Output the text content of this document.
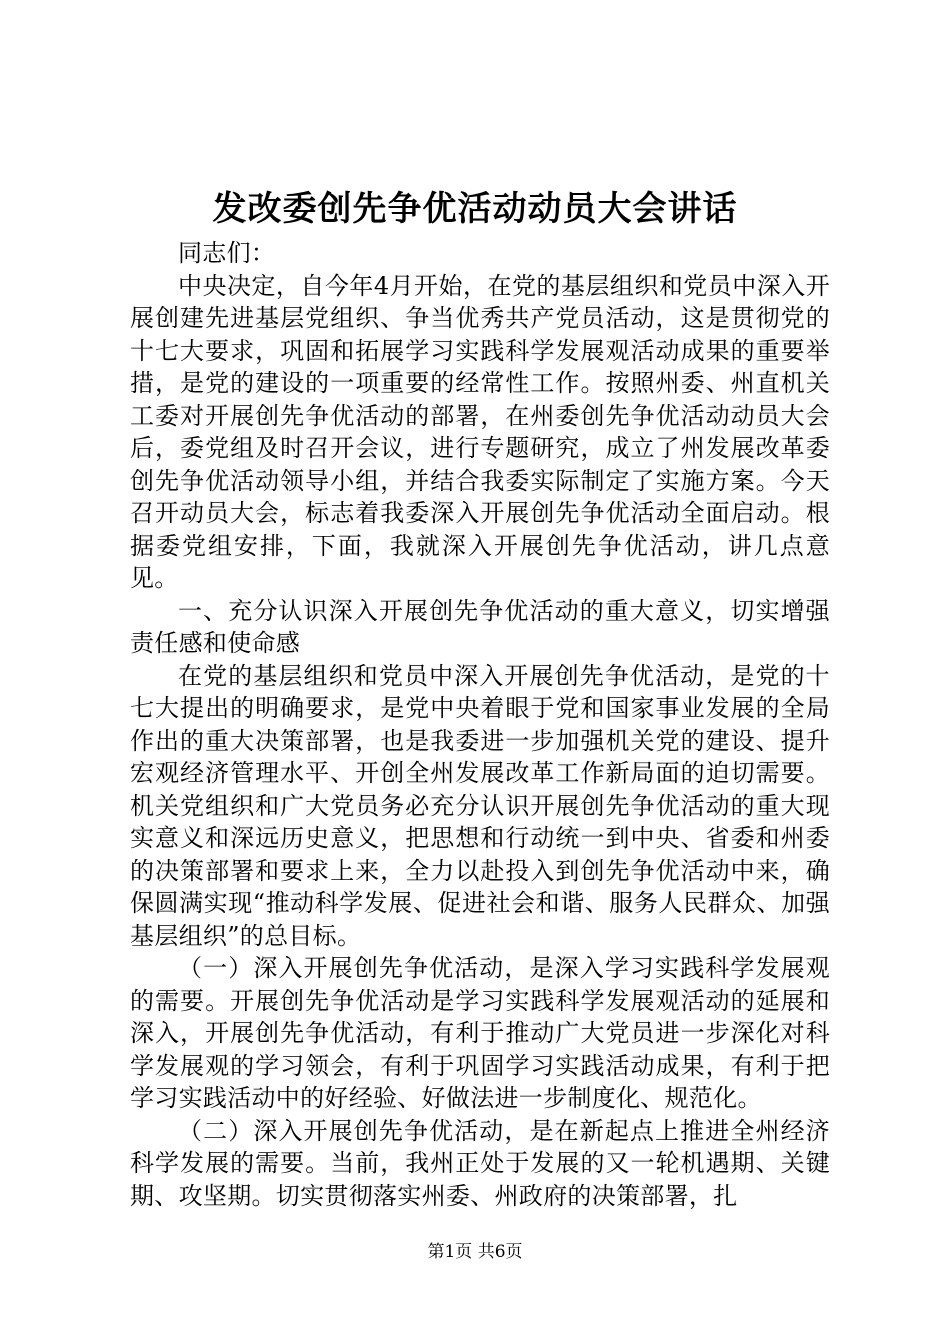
发改委创先争优活动动员大会讲话

同志们：

中央决定，自今年4月开始，在党的基层组织和党员中深入开展创建先进基层党组织、争当优秀共产党员活动，这是贯彻党的十七大要求，巩固和拓展学习实践科学发展观活动成果的重要举措，是党的建设的一项重要的经常性工作。按照州委、州直机关工委对开展创先争优活动的部署，在州委创先争优活动动员大会后，委党组及时召开会议，进行专题研究，成立了州发展改革委创先争优活动领导小组，并结合我委实际制定了实施方案。今天召开动员大会，标志着我委深入开展创先争优活动全面启动。根据委党组安排，下面，我就深入开展创先争优活动，讲几点意见。

一、充分认识深入开展创先争优活动的重大意义，切实增强责任感和使命感

在党的基层组织和党员中深入开展创先争优活动，是党的十七大提出的明确要求，是党中央着眼于党和国家事业发展的全局作出的重大决策部署，也是我委进一步加强机关党的建设、提升宏观经济管理水平、开创全州发展改革工作新局面的迫切需要。机关党组织和广大党员务必充分认识开展创先争优活动的重大现实意义和深远历史意义，把思想和行动统一到中央、省委和州委的决策部署和要求上来，全力以赴投入到创先争优活动中来，确保圆满实现“推动科学发展、促进社会和谐、服务人民群众、加强基层组织”的总目标。

（一）深入开展创先争优活动，是深入学习实践科学发展观的需要。开展创先争优活动是学习实践科学发展观活动的延展和深入，开展创先争优活动，有利于推动广大党员进一步深化对科学发展观的学习领会，有利于巩固学习实践活动成果，有利于把学习实践活动中的好经验、好做法进一步制度化、规范化。

（二）深入开展创先争优活动，是在新起点上推进全州经济科学发展的需要。当前，我州正处于发展的又一轮机遇期、关键期、攻坚期。切实贯彻落实州委、州政府的决策部署，扎

第1页 共6页
